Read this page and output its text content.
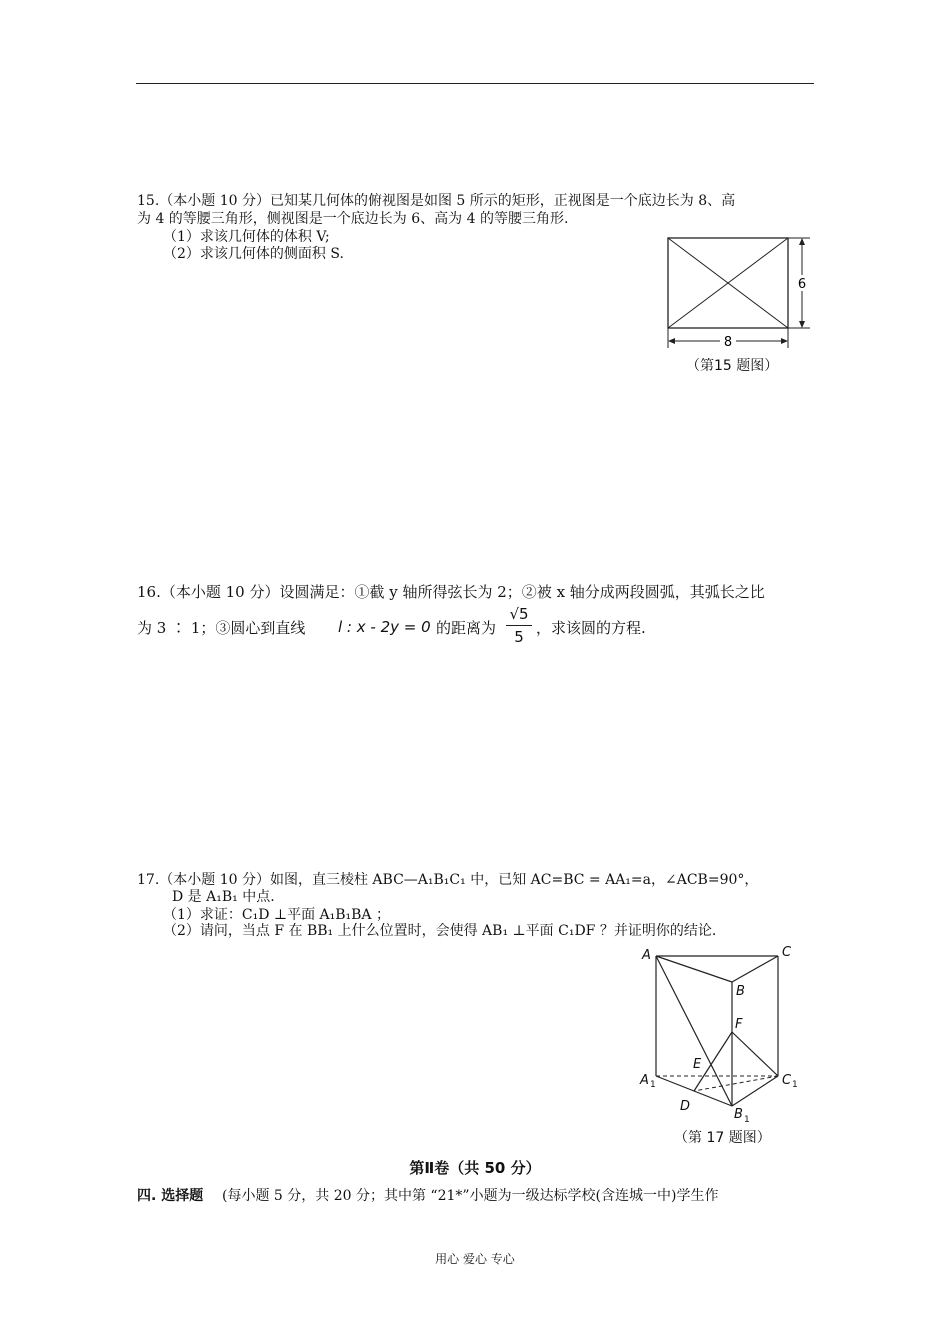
15.（本小题 10 分）已知某几何体的俯视图是如图 5 所示的矩形，正视图是一个底边长为 8、高
为 4 的等腰三角形，侧视图是一个底边长为 6、高为 4 的等腰三角形.
（1）求该几何体的体积 V;
（2）求该几何体的侧面积 S.
6
8
（第15 题图）
16.（本小题 10 分）设圆满足：①截 y 轴所得弦长为 2；②被 x 轴分成两段圆弧，其弧长之比
为 3 ∶ 1；③圆心到直线 l : x - 2y = 0 的距离为
√5
5 ，求该圆的方程.
17.（本小题 10 分）如图，直三棱柱 ABC—A₁B₁C₁ 中，已知 AC=BC = AA₁=a，∠ACB=90°，
D 是 A₁B₁ 中点.
（1）求证：C₁D ⊥平面 A₁B₁BA ；
（2）请问，当点 F 在 BB₁ 上什么位置时，会使得 AB₁ ⊥平面 C₁DF ？并证明你的结论.
A	C
B
F
E
A 1	C 1
D
B 1
（第 17 题图）
第Ⅱ卷（共 50 分）
四. 选择题 (每小题 5 分，共 20 分；其中第 “21*”小题为一级达标学校(含连城一中)学生作
用心 爱心 专心
